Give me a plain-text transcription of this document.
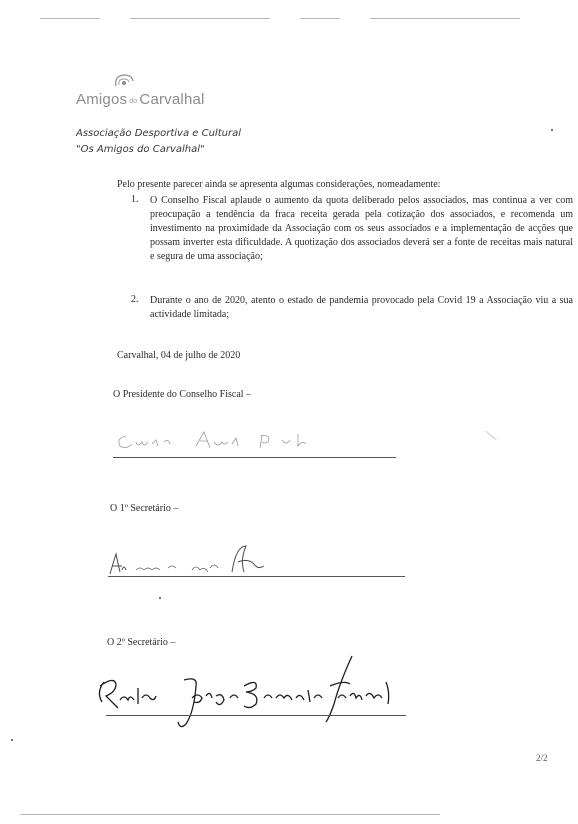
Amigos do Carvalhal
Associação Desportiva e Cultural
"Os Amigos do Carvalhal"
Pelo presente parecer ainda se apresenta algumas considerações, nomeadamente:
1. O Conselho Fiscal aplaude o aumento da quota deliberado pelos associados, mas continua a ver com preocupação a tendência da fraca receita gerada pela cotização dos associados, e recomenda um investimento na proximidade da Associação com os seus associados e a implementação de acções que possam inverter esta dificuldade. A quotização dos associados deverá ser a fonte de receitas mais natural e segura de uma associação;
2. Durante o ano de 2020, atento o estado de pandemia provocado pela Covid 19 a Associação viu a sua actividade limitada;
Carvalhal, 04 de julho de 2020
O Presidente do Conselho Fiscal –
O 1º Secretário –
O 2º Secretário –
2/2
